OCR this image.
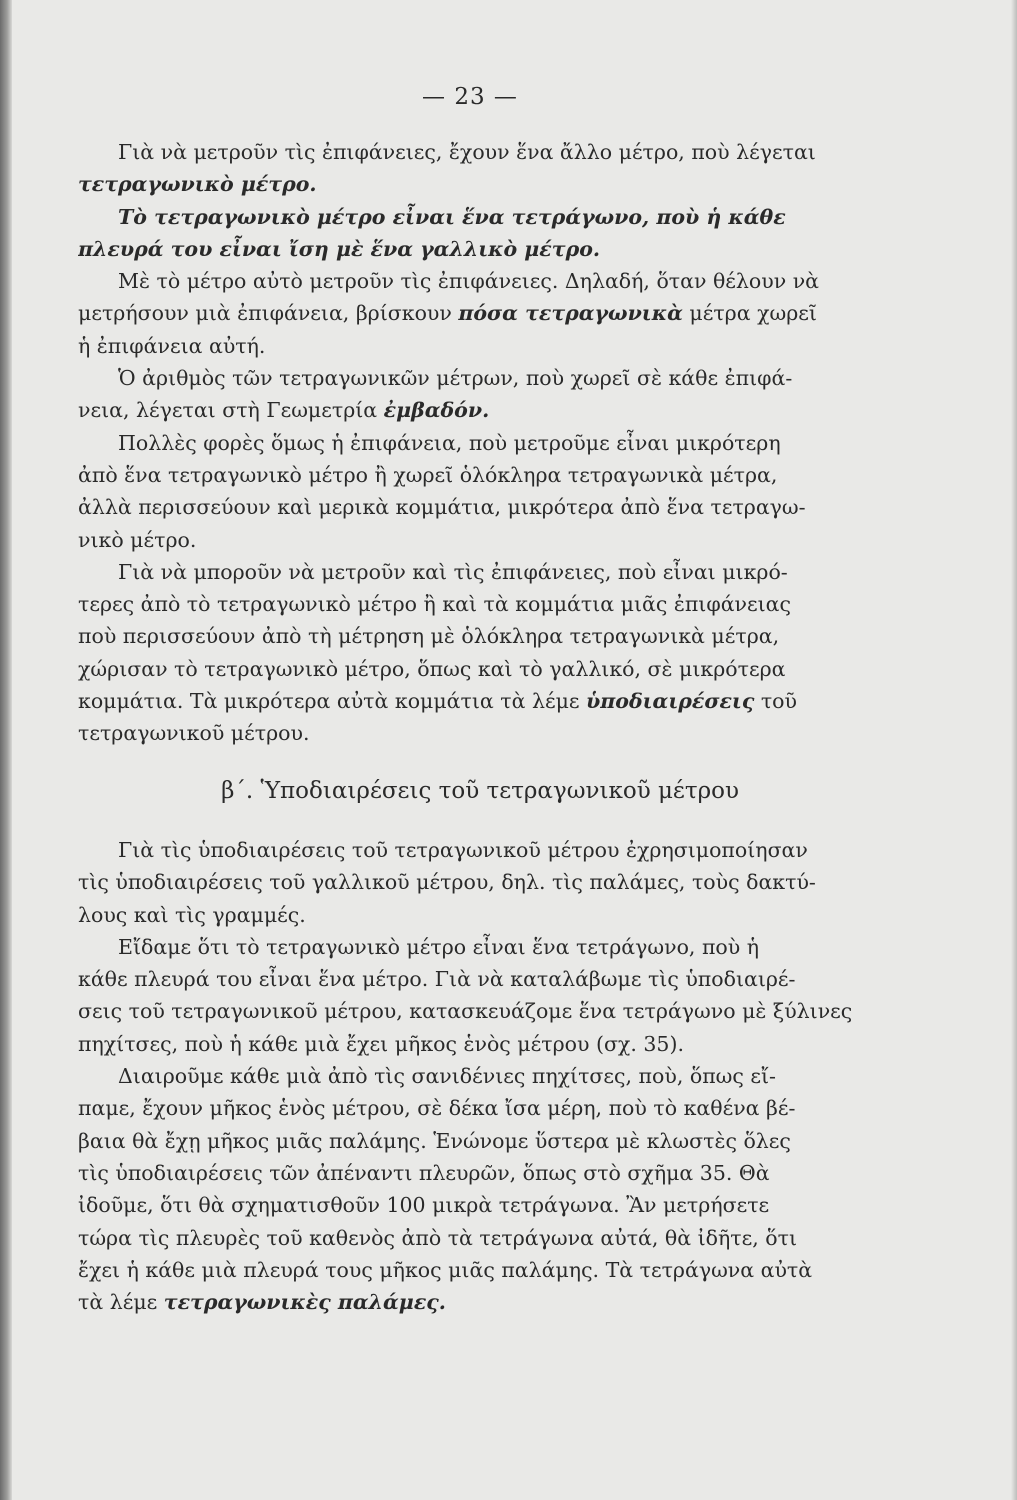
— 23 —
Γιὰ νὰ μετροῦν τὶς ἐπιφάνειες, ἔχουν ἕνα ἄλλο μέτρο, ποὺ λέγεται
τετραγωνικὸ μέτρο.
Τὸ τετραγωνικὸ μέτρο εἶναι ἕνα τετράγωνο, ποὺ ἡ κάθε
πλευρά του εἶναι ἴση μὲ ἕνα γαλλικὸ μέτρο.
Μὲ τὸ μέτρο αὐτὸ μετροῦν τὶς ἐπιφάνειες. Δηλαδή, ὅταν θέλουν νὰ
μετρήσουν μιὰ ἐπιφάνεια, βρίσκουν πόσα τετραγωνικὰ μέτρα χωρεῖ
ἡ ἐπιφάνεια αὐτή.
Ὁ ἀριθμὸς τῶν τετραγωνικῶν μέτρων, ποὺ χωρεῖ σὲ κάθε ἐπιφά-
νεια, λέγεται στὴ Γεωμετρία ἐμβαδόν.
Πολλὲς φορὲς ὅμως ἡ ἐπιφάνεια, ποὺ μετροῦμε εἶναι μικρότερη
ἀπὸ ἕνα τετραγωνικὸ μέτρο ἢ χωρεῖ ὁλόκληρα τετραγωνικὰ μέτρα,
ἀλλὰ περισσεύουν καὶ μερικὰ κομμάτια, μικρότερα ἀπὸ ἕνα τετραγω-
νικὸ μέτρο.
Γιὰ νὰ μποροῦν νὰ μετροῦν καὶ τὶς ἐπιφάνειες, ποὺ εἶναι μικρό-
τερες ἀπὸ τὸ τετραγωνικὸ μέτρο ἢ καὶ τὰ κομμάτια μιᾶς ἐπιφάνειας
ποὺ περισσεύουν ἀπὸ τὴ μέτρηση μὲ ὁλόκληρα τετραγωνικὰ μέτρα,
χώρισαν τὸ τετραγωνικὸ μέτρο, ὅπως καὶ τὸ γαλλικό, σὲ μικρότερα
κομμάτια. Τὰ μικρότερα αὐτὰ κομμάτια τὰ λέμε ὑποδιαιρέσεις τοῦ
τετραγωνικοῦ μέτρου.
β΄. Ὑποδιαιρέσεις τοῦ τετραγωνικοῦ μέτρου
Γιὰ τὶς ὑποδιαιρέσεις τοῦ τετραγωνικοῦ μέτρου ἐχρησιμοποίησαν
τὶς ὑποδιαιρέσεις τοῦ γαλλικοῦ μέτρου, δηλ. τὶς παλάμες, τοὺς δακτύ-
λους καὶ τὶς γραμμές.
Εἴδαμε ὅτι τὸ τετραγωνικὸ μέτρο εἶναι ἕνα τετράγωνο, ποὺ ἡ
κάθε πλευρά του εἶναι ἕνα μέτρο. Γιὰ νὰ καταλάβωμε τὶς ὑποδιαιρέ-
σεις τοῦ τετραγωνικοῦ μέτρου, κατασκευάζομε ἕνα τετράγωνο μὲ ξύλινες
πηχίτσες, ποὺ ἡ κάθε μιὰ ἔχει μῆκος ἑνὸς μέτρου (σχ. 35).
Διαιροῦμε κάθε μιὰ ἀπὸ τὶς σανιδένιες πηχίτσες, ποὺ, ὅπως εἴ-
παμε, ἔχουν μῆκος ἑνὸς μέτρου, σὲ δέκα ἴσα μέρη, ποὺ τὸ καθένα βέ-
βαια θὰ ἔχῃ μῆκος μιᾶς παλάμης. Ἑνώνομε ὕστερα μὲ κλωστὲς ὅλες
τὶς ὑποδιαιρέσεις τῶν ἀπέναντι πλευρῶν, ὅπως στὸ σχῆμα 35. Θὰ
ἰδοῦμε, ὅτι θὰ σχηματισθοῦν 100 μικρὰ τετράγωνα. Ἂν μετρήσετε
τώρα τὶς πλευρὲς τοῦ καθενὸς ἀπὸ τὰ τετράγωνα αὐτά, θὰ ἰδῆτε, ὅτι
ἔχει ἡ κάθε μιὰ πλευρά τους μῆκος μιᾶς παλάμης. Τὰ τετράγωνα αὐτὰ
τὰ λέμε τετραγωνικὲς παλάμες.
